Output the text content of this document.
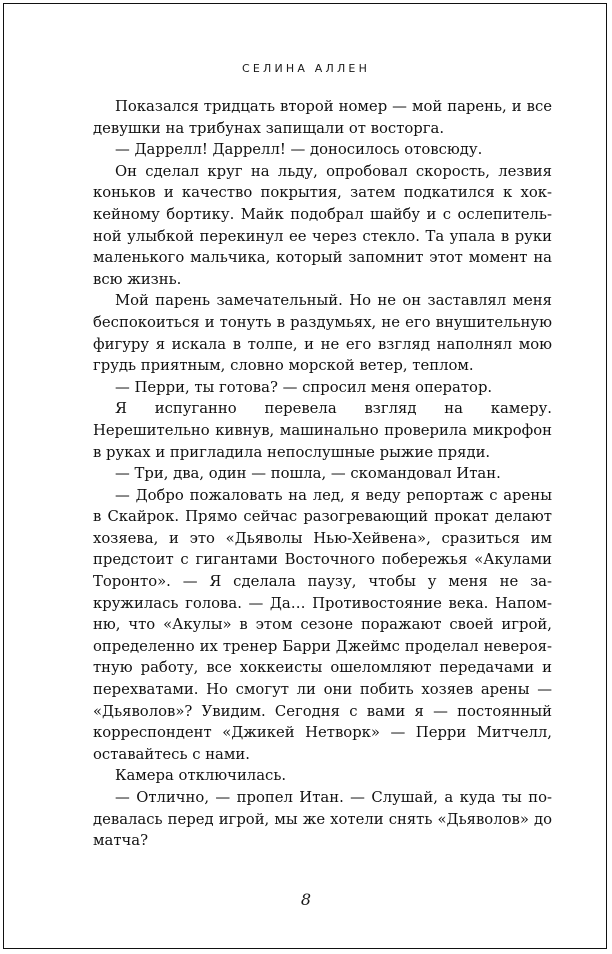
СЕЛИНА АЛЛЕН

Показался тридцать второй номер — мой парень, и все девушки на трибунах запищали от восторга.

— Даррелл! Даррелл! — доносилось отовсюду.

Он сделал круг на льду, опробовал скорость, лезвия коньков и качество покрытия, затем подкатился к хоккейному бортику. Майк подобрал шайбу и с ослепительной улыбкой перекинул ее через стекло. Та упала в руки маленького мальчика, который запомнит этот момент на всю жизнь.

Мой парень замечательный. Но не он заставлял меня беспокоиться и тонуть в раздумьях, не его внушительную фигуру я искала в толпе, и не его взгляд наполнял мою грудь приятным, словно морской ветер, теплом.

— Перри, ты готова? — спросил меня оператор.

Я испуганно перевела взгляд на камеру. Нерешительно кивнув, машинально проверила микрофон в руках и пригладила непослушные рыжие пряди.

— Три, два, один — пошла, — скомандовал Итан.

— Добро пожаловать на лед, я веду репортаж с арены в Скайрок. Прямо сейчас разогревающий прокат делают хозяева, и это «Дьяволы Нью-Хейвена», сразиться им предстоит с гигантами Восточного побережья «Акулами Торонто». — Я сделала паузу, чтобы у меня не закружилась голова. — Да… Противостояние века. Напомню, что «Акулы» в этом сезоне поражают своей игрой, определенно их тренер Барри Джеймс проделал невероятную работу, все хоккеисты ошеломляют передачами и перехватами. Но смогут ли они побить хозяев арены — «Дьяволов»? Увидим. Сегодня с вами я — постоянный корреспондент «Джикей Нетворк» — Перри Митчелл, оставайтесь с нами.

Камера отключилась.

— Отлично, — пропел Итан. — Слушай, а куда ты подевалась перед игрой, мы же хотели снять «Дьяволов» до матча?

8
